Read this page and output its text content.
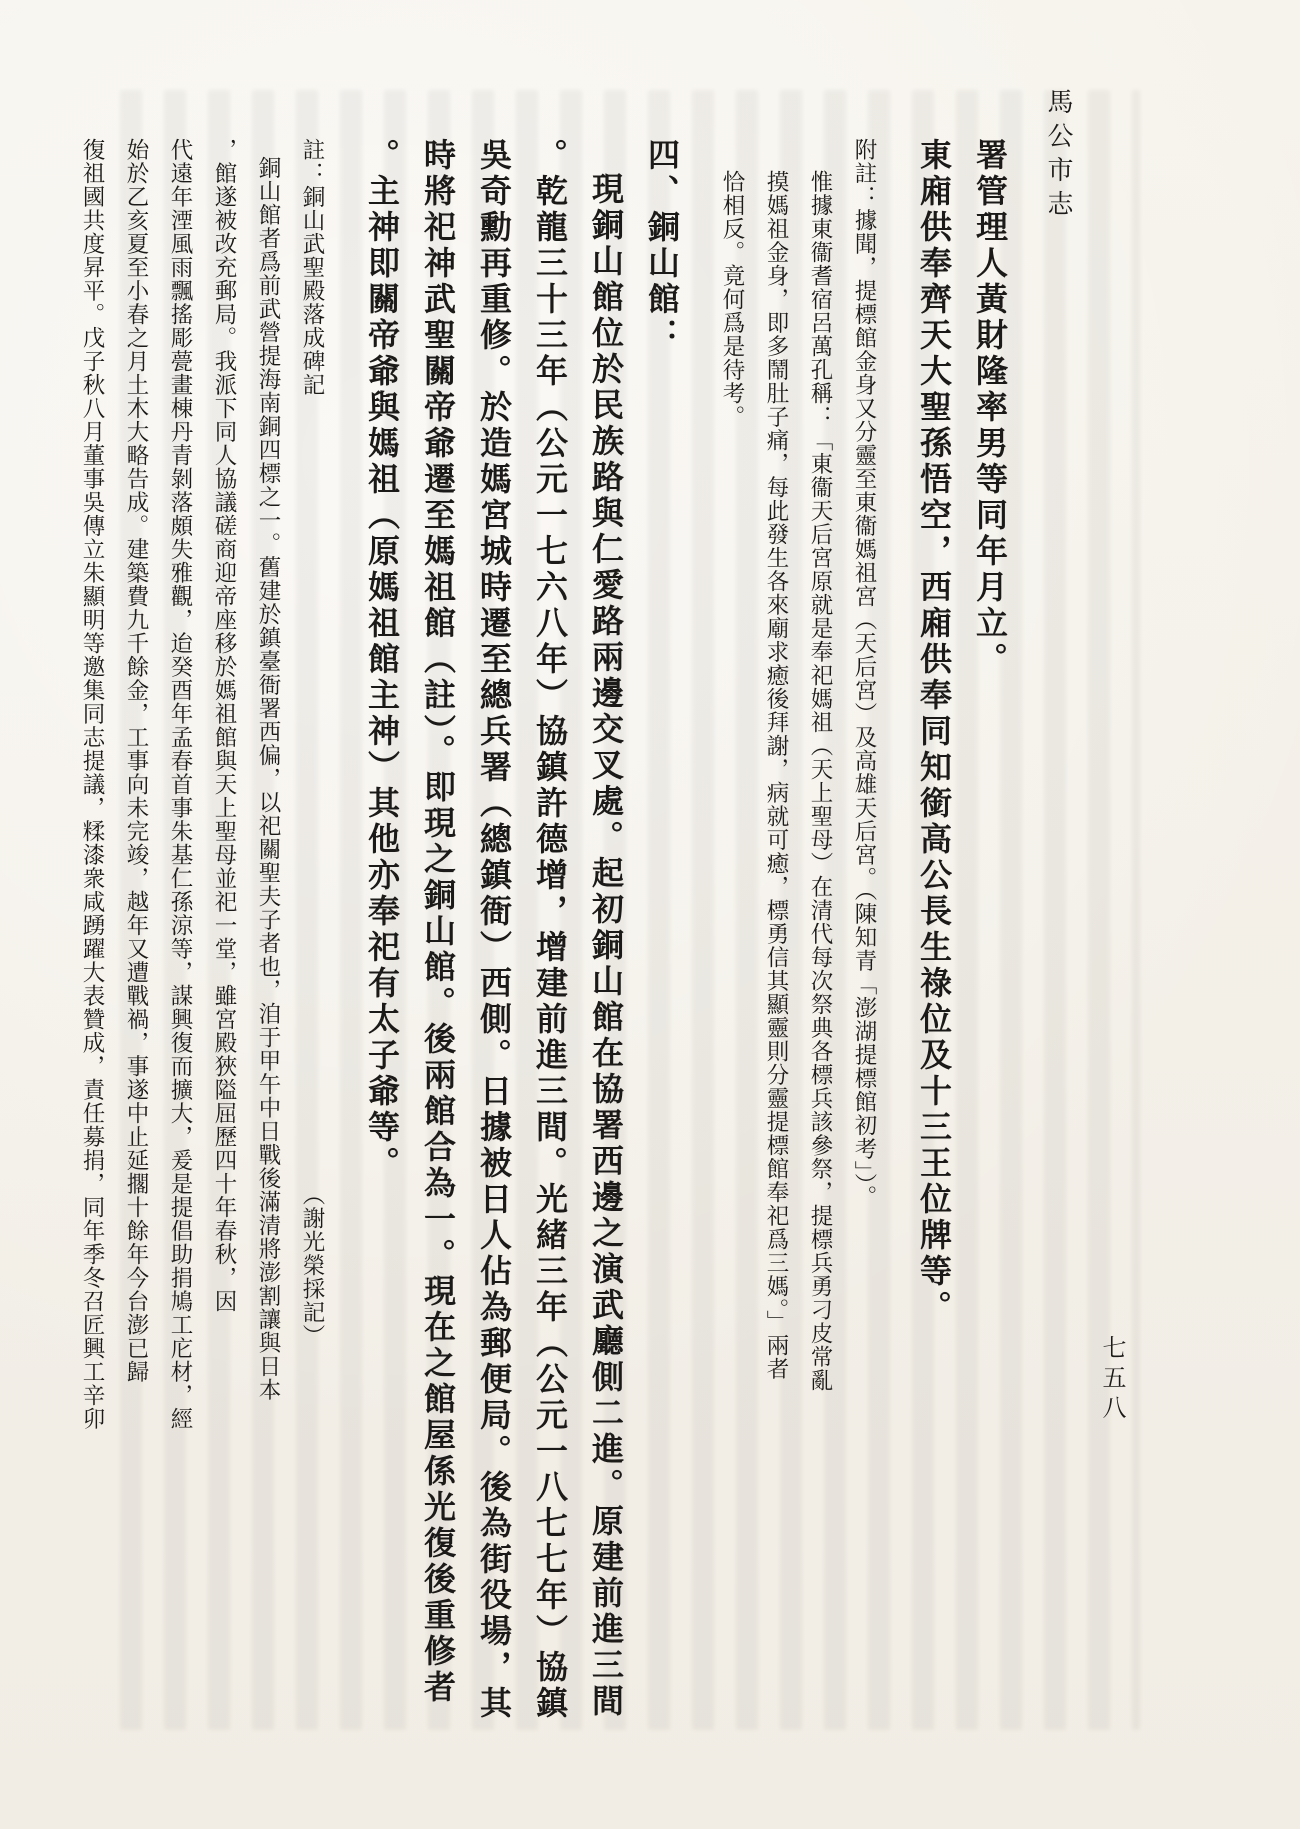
馬公市志
七五八
署管理人黃財隆率男等同年月立。
東廂供奉齊天大聖孫悟空，西廂供奉同知銜高公長生祿位及十三王位牌等。
附註：據聞，提標館金身又分靈至東衞媽祖宮（天后宮）及高雄天后宮。（陳知青「澎湖提標館初考」）。
惟據東衞耆宿呂萬孔稱：「東衞天后宮原就是奉祀媽祖（天上聖母）在清代每次祭典各標兵該參祭，提標兵勇刁皮常亂
摸媽祖金身，即多鬧肚子痛，每此發生各來廟求癒後拜謝，病就可癒，標勇信其顯靈則分靈提標館奉祀爲三媽。」兩者
恰相反。竟何爲是待考。
四、銅山館：
現銅山館位於民族路與仁愛路兩邊交叉處。起初銅山館在協署西邊之演武廳側二進。原建前進三間
。乾龍三十三年（公元一七六八年）協鎮許德增，增建前進三間。光緒三年（公元一八七七年）協鎮
吳奇勳再重修。於造媽宮城時遷至總兵署（總鎮衙）西側。日據被日人佔為郵便局。後為街役場，其
時將祀神武聖關帝爺遷至媽祖館（註）。即現之銅山館。後兩館合為一。現在之館屋係光復後重修者
。主神即關帝爺與媽祖（原媽祖館主神）其他亦奉祀有太子爺等。
註：銅山武聖殿落成碑記
（謝光榮採記）
銅山館者爲前武營提海南銅四標之一。舊建於鎮臺衙署西偏，以祀關聖夫子者也，洎于甲午中日戰後滿清將澎割讓與日本
，館遂被改充郵局。我派下同人協議磋商迎帝座移於媽祖館與天上聖母並祀一堂，雖宮殿狹隘屈歷四十年春秋，因
代遠年湮風雨飄搖彫甍畫棟丹青剝落頗失雅觀，迨癸酉年孟春首事朱基仁孫涼等，謀興復而擴大，爰是提倡助捐鳩工庀材，經
始於乙亥夏至小春之月土木大略告成。建築費九千餘金，工事向未完竣，越年又遭戰禍，事遂中止延擱十餘年今台澎已歸
復祖國共度昇平。戊子秋八月董事吳傳立朱顯明等邀集同志提議，糅漆衆咸踴躍大表贊成，責任募捐，同年季冬召匠興工辛卯
